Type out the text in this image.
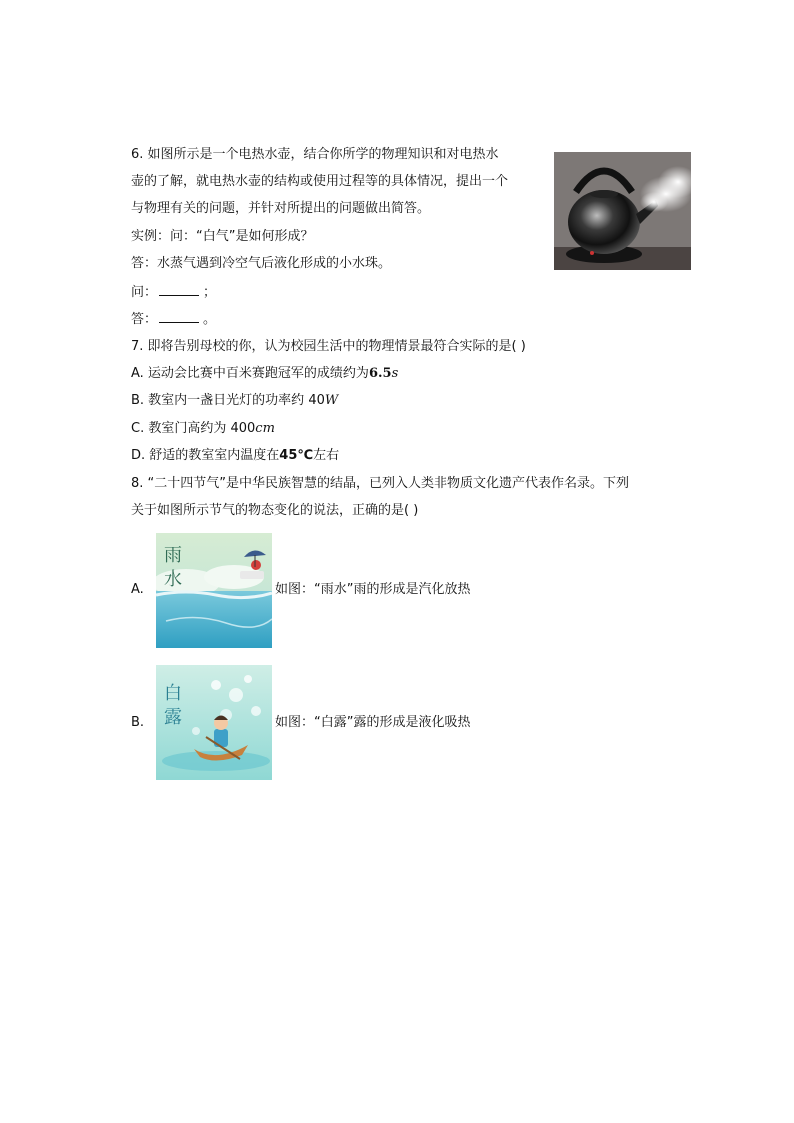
6. 如图所示是一个电热水壶，结合你所学的物理知识和对电热水
壶的了解，就电热水壶的结构或使用过程等的具体情况，提出一个
与物理有关的问题，并针对所提出的问题做出简答。
实例：问：“白气”是如何形成？
答：水蒸气遇到冷空气后液化形成的小水珠。
问：	；
答：	。
7. 即将告别母校的你，认为校园生活中的物理情景最符合实际的是( )
A. 运动会比赛中百米赛跑冠军的成绩约为6.5s
B. 教室内一盏日光灯的功率约 40W
C. 教室门高约为 400cm
D. 舒适的教室室内温度在45℃左右
8. “二十四节气”是中华民族智慧的结晶，已列入人类非物质文化遗产代表作名录。下列
关于如图所示节气的物态变化的说法，正确的是( )
A.
雨
水	如图：“雨水”雨的形成是汽化放热
B.
白
露	如图：“白露”露的形成是液化吸热
